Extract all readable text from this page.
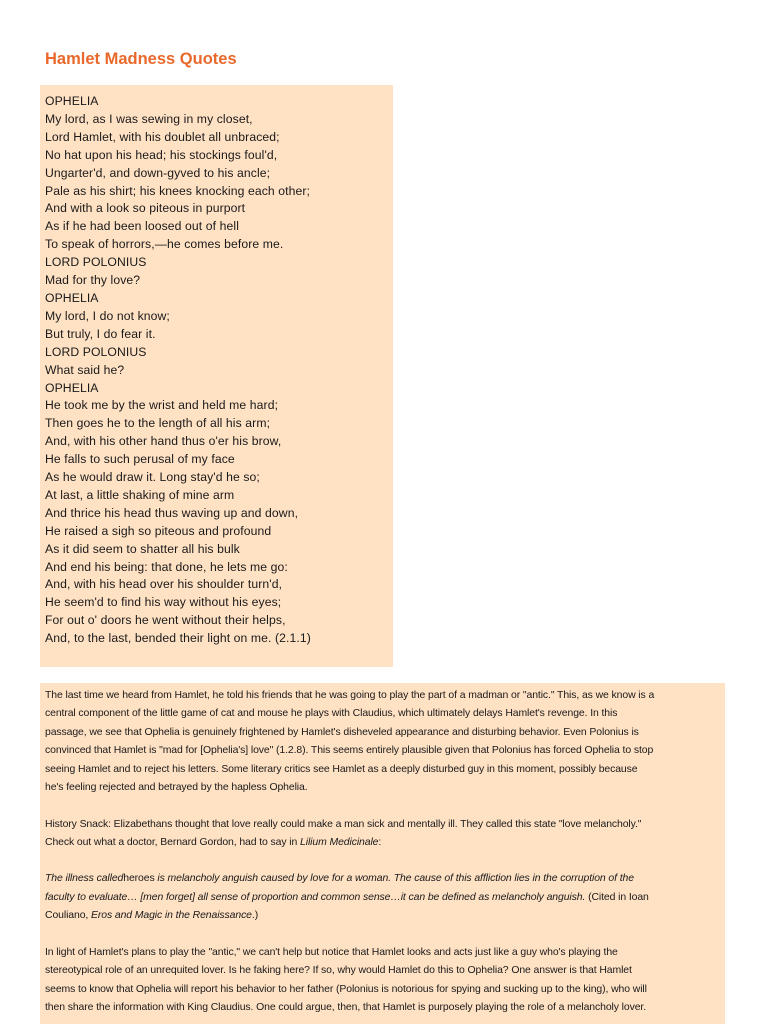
Hamlet Madness Quotes
OPHELIA
My lord, as I was sewing in my closet,
Lord Hamlet, with his doublet all unbraced;
No hat upon his head; his stockings foul'd,
Ungarter'd, and down-gyved to his ancle;
Pale as his shirt; his knees knocking each other;
And with a look so piteous in purport
As if he had been loosed out of hell
To speak of horrors,—he comes before me.
LORD POLONIUS
Mad for thy love?
OPHELIA
My lord, I do not know;
But truly, I do fear it.
LORD POLONIUS
What said he?
OPHELIA
He took me by the wrist and held me hard;
Then goes he to the length of all his arm;
And, with his other hand thus o'er his brow,
He falls to such perusal of my face
As he would draw it. Long stay'd he so;
At last, a little shaking of mine arm
And thrice his head thus waving up and down,
He raised a sigh so piteous and profound
As it did seem to shatter all his bulk
And end his being: that done, he lets me go:
And, with his head over his shoulder turn'd,
He seem'd to find his way without his eyes;
For out o' doors he went without their helps,
And, to the last, bended their light on me. (2.1.1)

The last time we heard from Hamlet, he told his friends that he was going to play the part of a madman or "antic." This, as we know is a
central component of the little game of cat and mouse he plays with Claudius, which ultimately delays Hamlet's revenge. In this
passage, we see that Ophelia is genuinely frightened by Hamlet's disheveled appearance and disturbing behavior. Even Polonius is
convinced that Hamlet is "mad for [Ophelia's] love" (1.2.8). This seems entirely plausible given that Polonius has forced Ophelia to stop
seeing Hamlet and to reject his letters. Some literary critics see Hamlet as a deeply disturbed guy in this moment, possibly because
he's feeling rejected and betrayed by the hapless Ophelia.

History Snack: Elizabethans thought that love really could make a man sick and mentally ill. They called this state "love melancholy."
Check out what a doctor, Bernard Gordon, had to say in Lilium Medicinale:

The illness calledheroes is melancholy anguish caused by love for a woman. The cause of this affliction lies in the corruption of the
faculty to evaluate… [men forget] all sense of proportion and common sense…it can be defined as melancholy anguish. (Cited in Ioan
Couliano, Eros and Magic in the Renaissance.)

In light of Hamlet's plans to play the "antic," we can't help but notice that Hamlet looks and acts just like a guy who's playing the
stereotypical role of an unrequited lover. Is he faking here? If so, why would Hamlet do this to Ophelia? One answer is that Hamlet
seems to know that Ophelia will report his behavior to her father (Polonius is notorious for spying and sucking up to the king), who will
then share the information with King Claudius. One could argue, then, that Hamlet is purposely playing the role of a melancholy lover.
